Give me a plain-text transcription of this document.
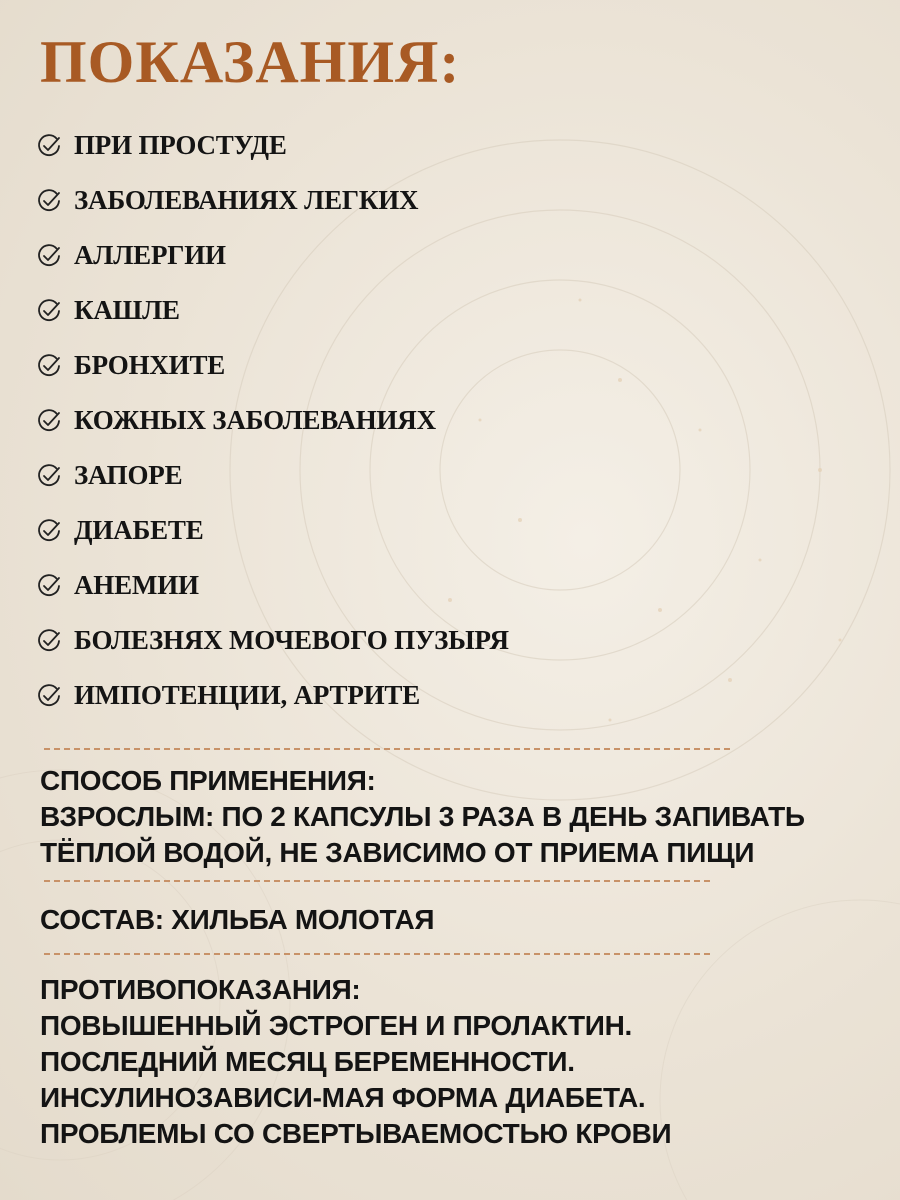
ПОКАЗАНИЯ:
ПРИ ПРОСТУДЕ
ЗАБОЛЕВАНИЯХ ЛЕГКИХ
АЛЛЕРГИИ
КАШЛЕ
БРОНХИТЕ
КОЖНЫХ ЗАБОЛЕВАНИЯХ
ЗАПОРЕ
ДИАБЕТЕ
АНЕМИИ
БОЛЕЗНЯХ МОЧЕВОГО ПУЗЫРЯ
ИМПОТЕНЦИИ, АРТРИТЕ
СПОСОБ ПРИМЕНЕНИЯ:
ВЗРОСЛЫМ: ПО 2 КАПСУЛЫ 3 РАЗА В ДЕНЬ ЗАПИВАТЬ
ТЁПЛОЙ ВОДОЙ, НЕ ЗАВИСИМО ОТ ПРИЕМА ПИЩИ
СОСТАВ: ХИЛЬБА МОЛОТАЯ
ПРОТИВОПОКАЗАНИЯ:
ПОВЫШЕННЫЙ ЭСТРОГЕН И ПРОЛАКТИН.
ПОСЛЕДНИЙ МЕСЯЦ БЕРЕМЕННОСТИ.
ИНСУЛИНОЗАВИСИ-МАЯ ФОРМА ДИАБЕТА.
ПРОБЛЕМЫ СО СВЕРТЫВАЕМОСТЬЮ КРОВИ
